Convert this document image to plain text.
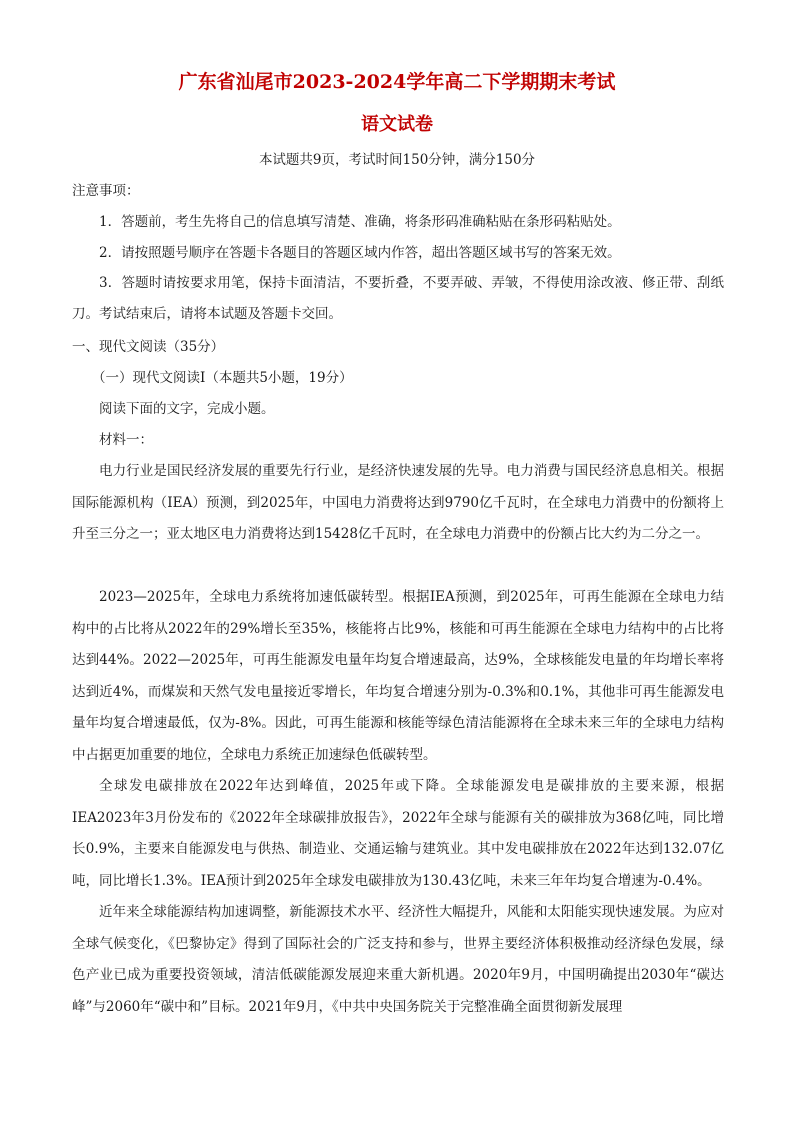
广东省汕尾市2023-2024学年高二下学期期末考试
语文试卷
本试题共9页，考试时间150分钟，满分150分
注意事项：
1．答题前，考生先将自己的信息填写清楚、准确，将条形码准确粘贴在条形码粘贴处。
2．请按照题号顺序在答题卡各题目的答题区域内作答，超出答题区域书写的答案无效。

3．答题时请按要求用笔，保持卡面清洁，不要折叠，不要弄破、弄皱，不得使用涂改液、修正带、刮纸刀。考试结束后，请将本试题及答题卡交回。

一、现代文阅读（35分）
（一）现代文阅读Ⅰ（本题共5小题，19分）
阅读下面的文字，完成小题。
材料一：

电力行业是国民经济发展的重要先行行业，是经济快速发展的先导。电力消费与国民经济息息相关。根据国际能源机构（IEA）预测，到2025年，中国电力消费将达到9790亿千瓦时，在全球电力消费中的份额将上升至三分之一；亚太地区电力消费将达到15428亿千瓦时，在全球电力消费中的份额占比大约为二分之一。

2023—2025年，全球电力系统将加速低碳转型。根据IEA预测，到2025年，可再生能源在全球电力结构中的占比将从2022年的29%增长至35%，核能将占比9%，核能和可再生能源在全球电力结构中的占比将达到44%。2022—2025年，可再生能源发电量年均复合增速最高，达9%，全球核能发电量的年均增长率将达到近4%，而煤炭和天然气发电量接近零增长，年均复合增速分别为-0.3%和0.1%，其他非可再生能源发电量年均复合增速最低，仅为-8%。因此，可再生能源和核能等绿色清洁能源将在全球未来三年的全球电力结构中占据更加重要的地位，全球电力系统正加速绿色低碳转型。

全球发电碳排放在2022年达到峰值，2025年或下降。全球能源发电是碳排放的主要来源，根据IEA2023年3月份发布的《2022年全球碳排放报告》，2022年全球与能源有关的碳排放为368亿吨，同比增长0.9%，主要来自能源发电与供热、制造业、交通运输与建筑业。其中发电碳排放在2022年达到132.07亿吨，同比增长1.3%。IEA预计到2025年全球发电碳排放为130.43亿吨，未来三年年均复合增速为-0.4%。

近年来全球能源结构加速调整，新能源技术水平、经济性大幅提升，风能和太阳能实现快速发展。为应对全球气候变化，《巴黎协定》得到了国际社会的广泛支持和参与，世界主要经济体积极推动经济绿色发展，绿色产业已成为重要投资领域，清洁低碳能源发展迎来重大新机遇。2020年9月，中国明确提出2030年“碳达峰”与2060年“碳中和”目标。2021年9月，《中共中央国务院关于完整准确全面贯彻新发展理
